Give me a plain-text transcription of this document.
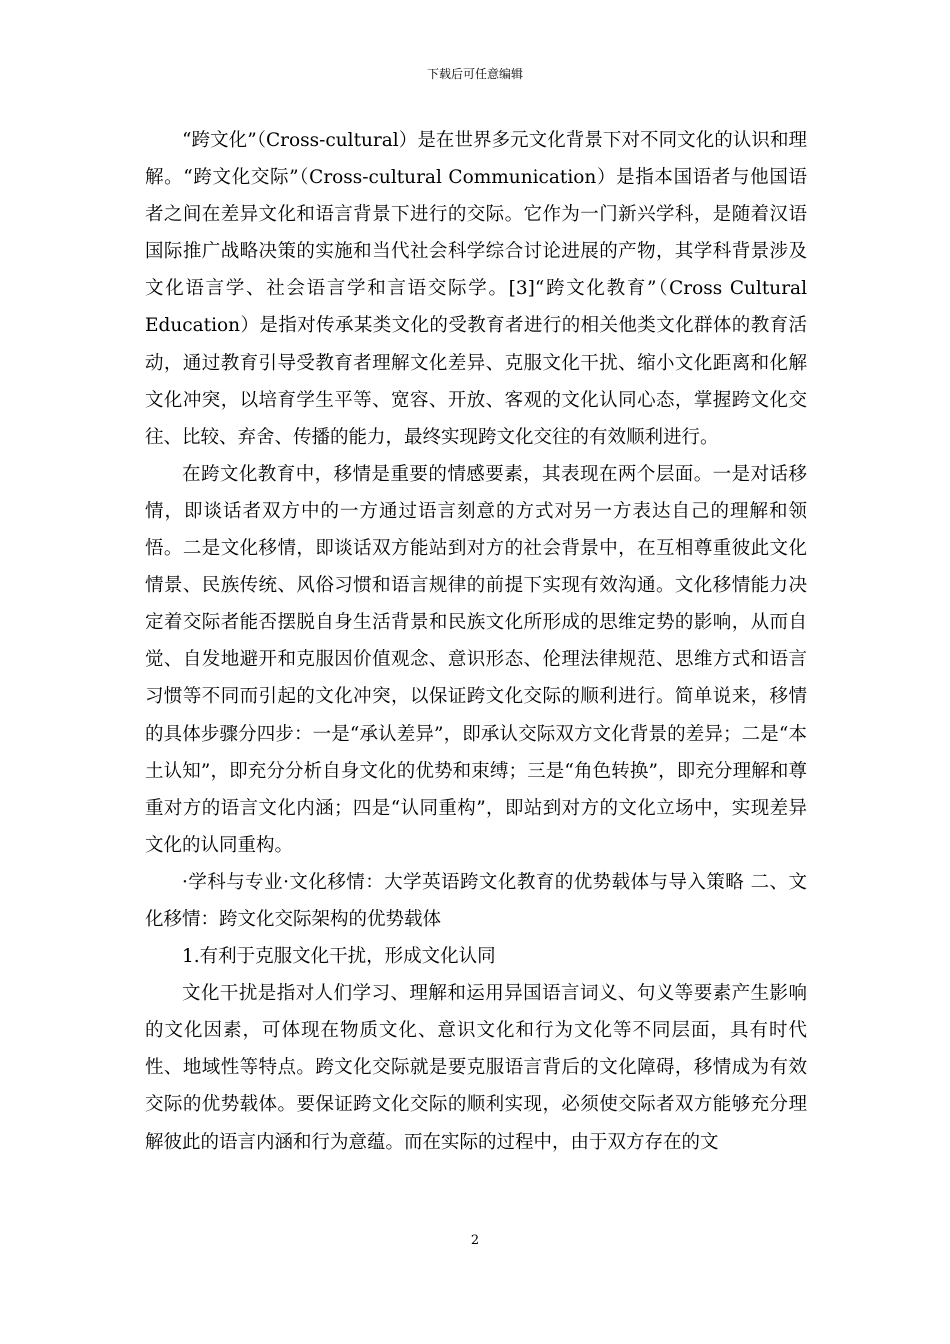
下载后可任意编辑

“跨文化”（Cross-cultural）是在世界多元文化背景下对不同文化的认识和理解。“跨文化交际”（Cross-cultural Communication）是指本国语者与他国语者之间在差异文化和语言背景下进行的交际。它作为一门新兴学科，是随着汉语国际推广战略决策的实施和当代社会科学综合讨论进展的产物，其学科背景涉及文化语言学、社会语言学和言语交际学。[3]“跨文化教育”（Cross Cultural Education）是指对传承某类文化的受教育者进行的相关他类文化群体的教育活动，通过教育引导受教育者理解文化差异、克服文化干扰、缩小文化距离和化解文化冲突，以培育学生平等、宽容、开放、客观的文化认同心态，掌握跨文化交往、比较、弃舍、传播的能力，最终实现跨文化交往的有效顺利进行。

在跨文化教育中，移情是重要的情感要素，其表现在两个层面。一是对话移情，即谈话者双方中的一方通过语言刻意的方式对另一方表达自己的理解和领悟。二是文化移情，即谈话双方能站到对方的社会背景中，在互相尊重彼此文化情景、民族传统、风俗习惯和语言规律的前提下实现有效沟通。文化移情能力决定着交际者能否摆脱自身生活背景和民族文化所形成的思维定势的影响，从而自觉、自发地避开和克服因价值观念、意识形态、伦理法律规范、思维方式和语言习惯等不同而引起的文化冲突，以保证跨文化交际的顺利进行。简单说来，移情的具体步骤分四步：一是“承认差异”，即承认交际双方文化背景的差异；二是“本土认知”，即充分分析自身文化的优势和束缚；三是“角色转换”，即充分理解和尊重对方的语言文化内涵；四是“认同重构”，即站到对方的文化立场中，实现差异文化的认同重构。

·学科与专业·文化移情：大学英语跨文化教育的优势载体与导入策略 二、文化移情：跨文化交际架构的优势载体

1.有利于克服文化干扰，形成文化认同

文化干扰是指对人们学习、理解和运用异国语言词义、句义等要素产生影响的文化因素，可体现在物质文化、意识文化和行为文化等不同层面，具有时代性、地域性等特点。跨文化交际就是要克服语言背后的文化障碍，移情成为有效交际的优势载体。要保证跨文化交际的顺利实现，必须使交际者双方能够充分理解彼此的语言内涵和行为意蕴。而在实际的过程中，由于双方存在的文

2
